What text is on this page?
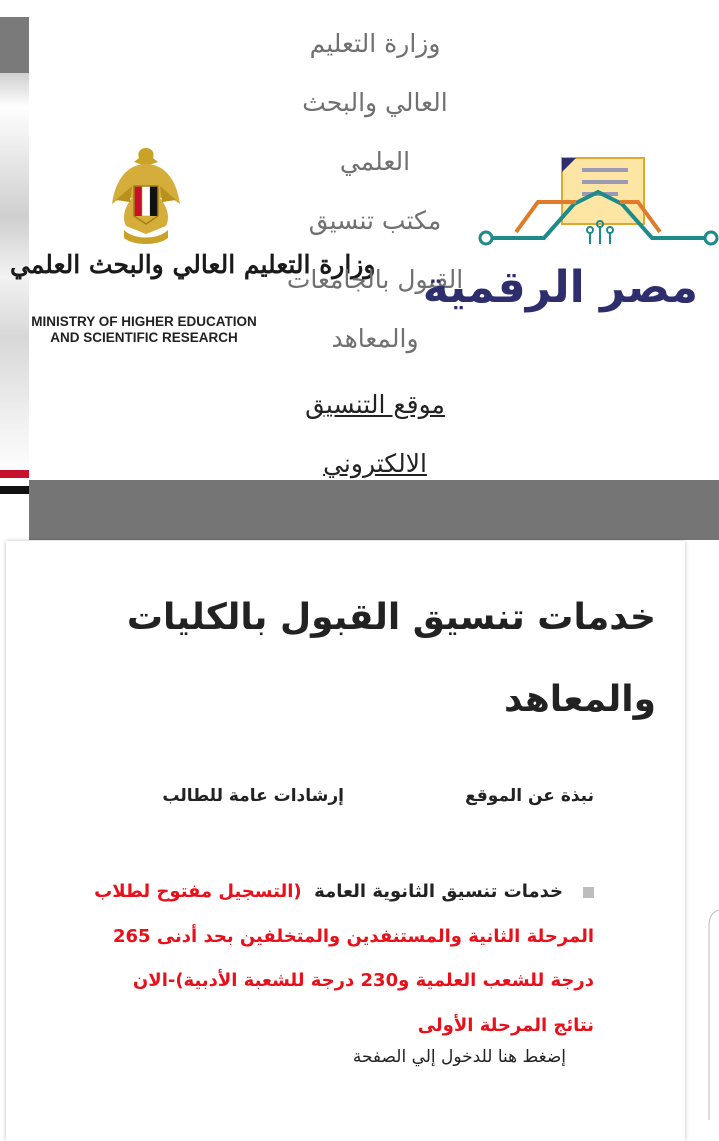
وزارة التعليم العالي والبحث العلمي
MINISTRY OF HIGHER EDUCATION
AND SCIENTIFIC RESEARCH

وزارة التعليم

العالي والبحث

العلمي

مكتب تنسيق

القبول بالجامعات

والمعاهد

موقع التنسيق
الالكتروني
مصر الرقمية
خدمات تنسيق القبول بالكليات والمعاهد
نبذة عن الموقع
إرشادات عامة للطالب
خدمات تنسيق الثانوية العامة  (التسجيل مفتوح لطلاب المرحلة الثانية والمستنفدين والمتخلفين بحد أدنى 265 درجة للشعب العلمية و230 درجة للشعبة الأدبية)-الان نتائج المرحلة الأولى
إضغط هنا للدخول إلي الصفحة
